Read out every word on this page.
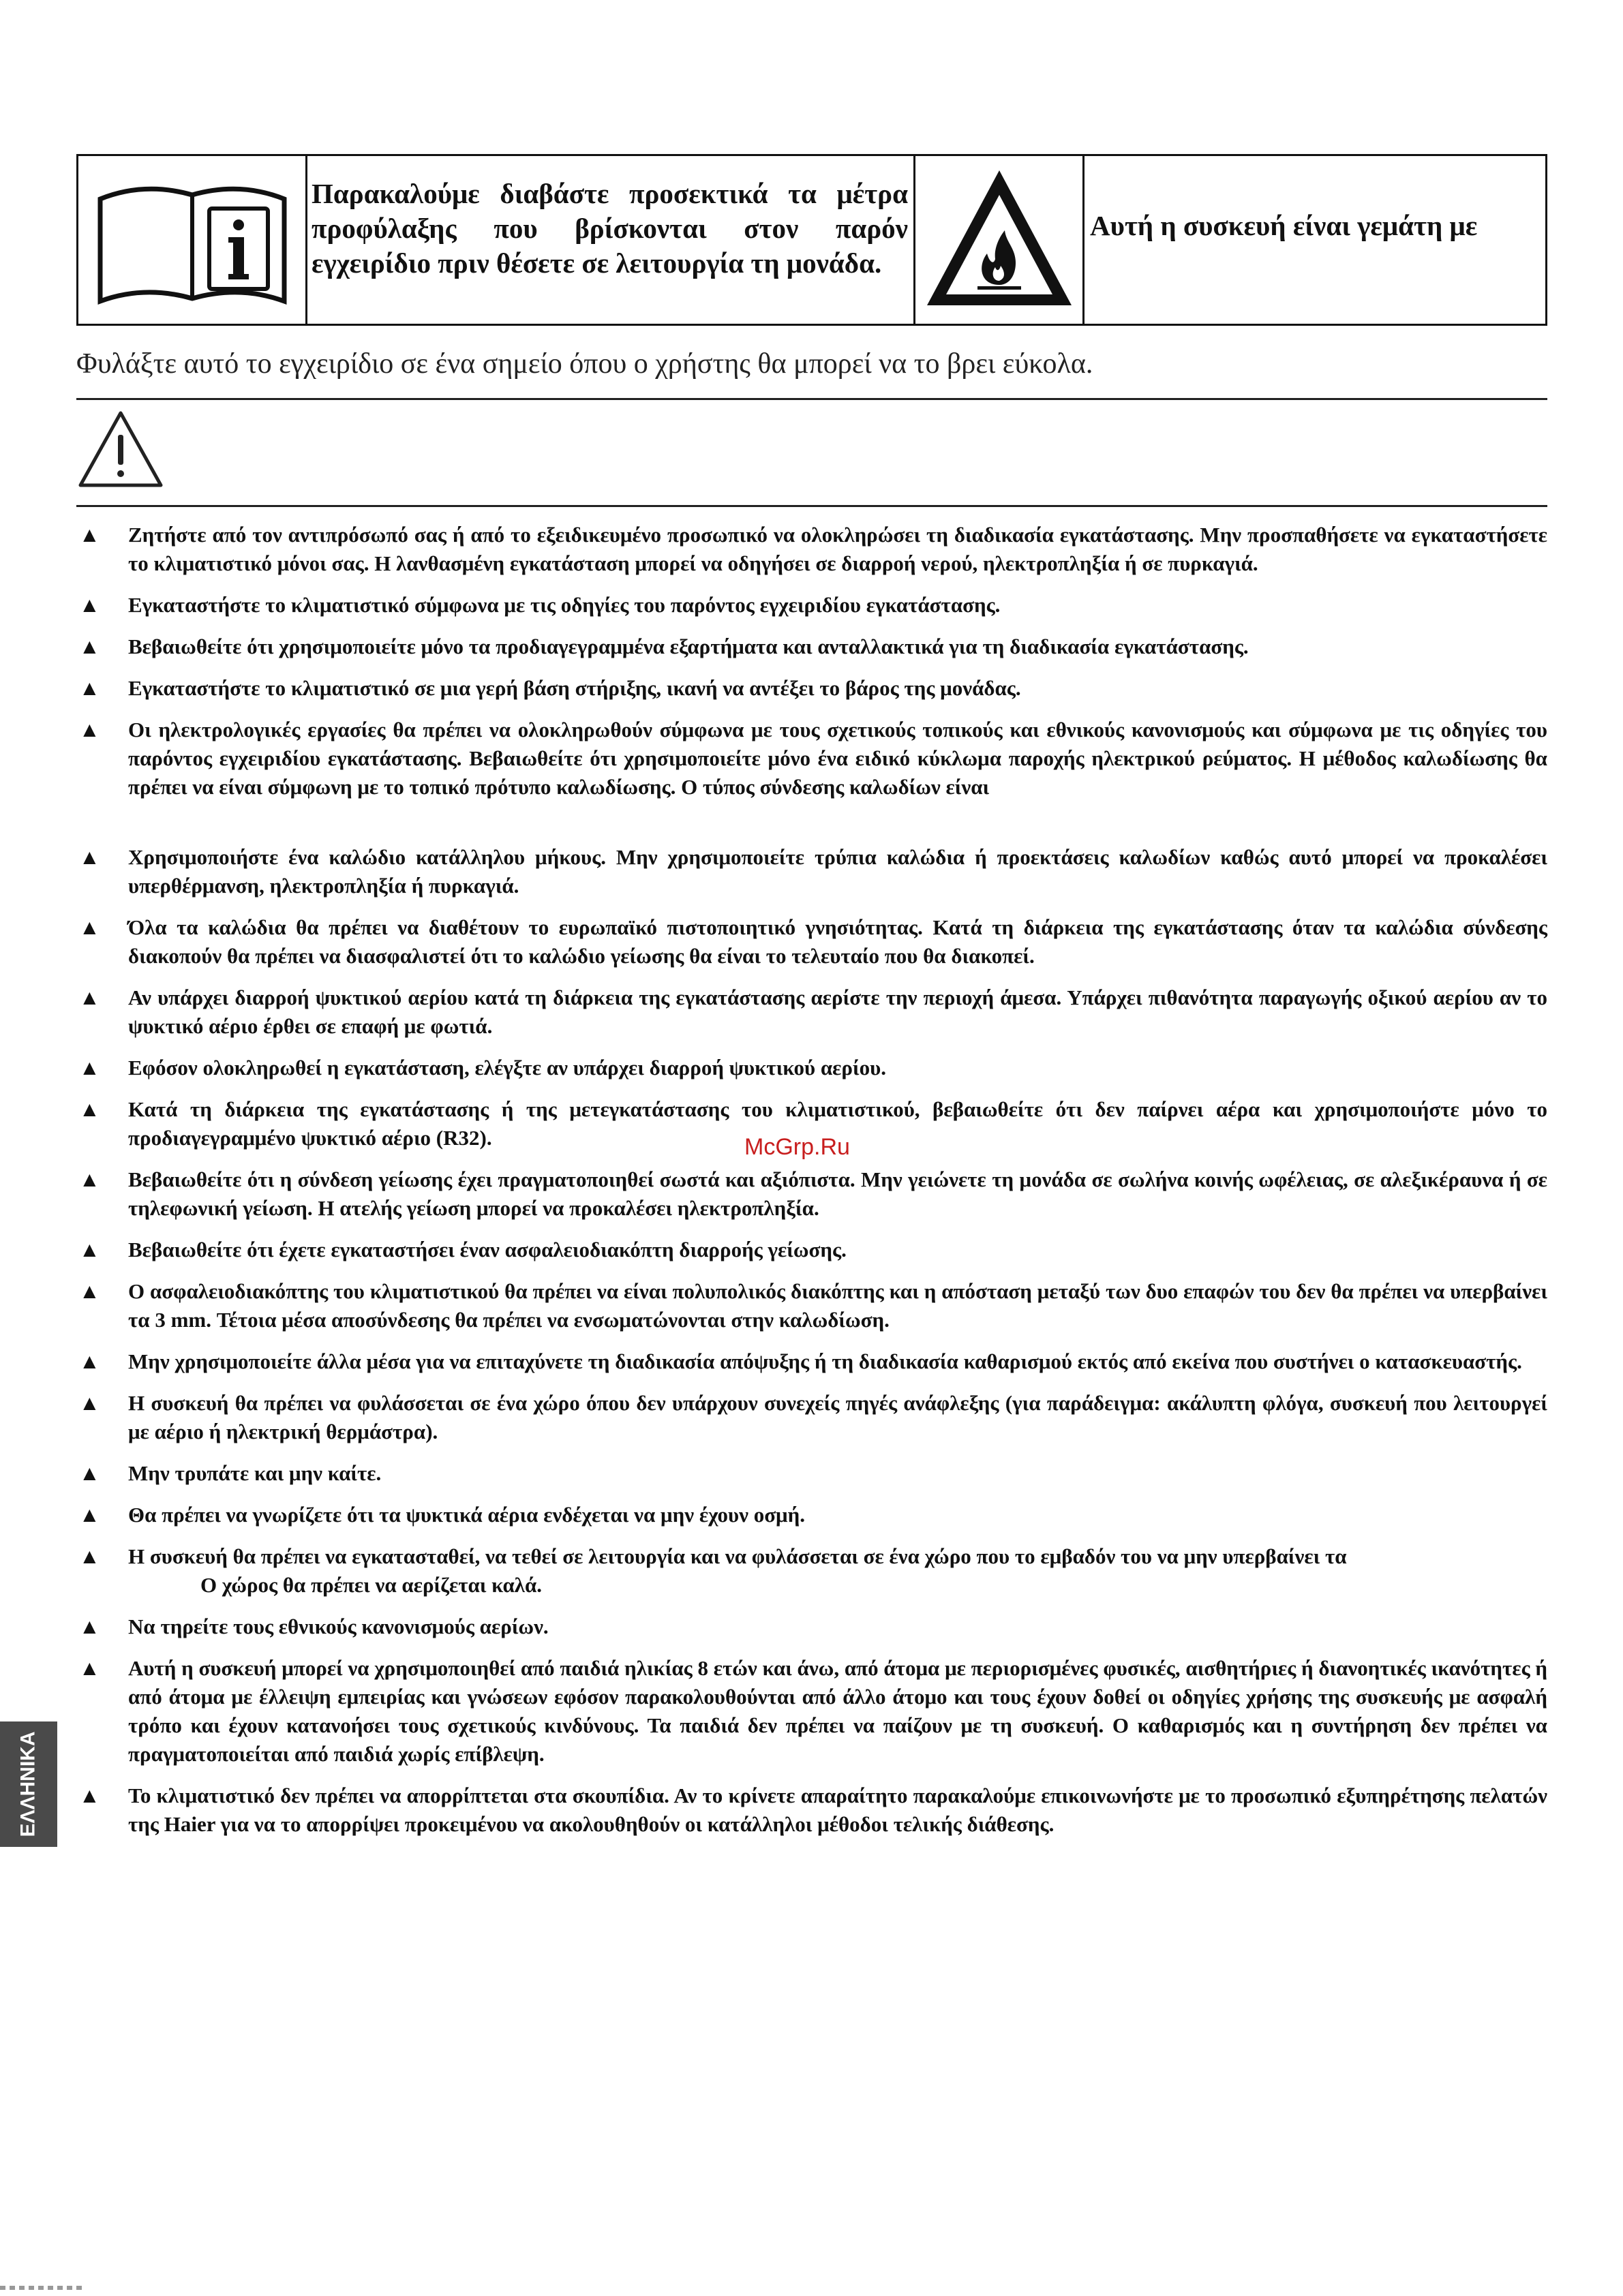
Παρακαλούμε διαβάστε προσεκτικά τα μέτρα προφύλαξης που βρίσκονται στον παρόν εγχειρίδιο πριν θέσετε σε λειτουργία τη μονάδα.

Αυτή η συσκευή είναι γεμάτη με

Φυλάξτε αυτό το εγχειρίδιο σε ένα σημείο όπου ο χρήστης θα μπορεί να το βρει εύκολα.
▲ Ζητήστε από τον αντιπρόσωπό σας ή από το εξειδικευμένο προσωπικό να ολοκληρώσει τη διαδικασία εγκατάστασης. Μην προσπαθήσετε να εγκαταστήσετε το κλιματιστικό μόνοι σας. Η λανθασμένη εγκατάσταση μπορεί να οδηγήσει σε διαρροή νερού, ηλεκτροπληξία ή σε πυρκαγιά.
▲ Εγκαταστήστε το κλιματιστικό σύμφωνα με τις οδηγίες του παρόντος εγχειριδίου εγκατάστασης.
▲ Βεβαιωθείτε ότι χρησιμοποιείτε μόνο τα προδιαγεγραμμένα εξαρτήματα και ανταλλακτικά για τη διαδικασία εγκατάστασης.
▲ Εγκαταστήστε το κλιματιστικό σε μια γερή βάση στήριξης, ικανή να αντέξει το βάρος της μονάδας.
▲ Οι ηλεκτρολογικές εργασίες θα πρέπει να ολοκληρωθούν σύμφωνα με τους σχετικούς τοπικούς και εθνικούς κανονισμούς και σύμφωνα με τις οδηγίες του παρόντος εγχειριδίου εγκατάστασης. Βεβαιωθείτε ότι χρησιμοποιείτε μόνο ένα ειδικό κύκλωμα παροχής ηλεκτρικού ρεύματος. Η μέθοδος καλωδίωσης θα πρέπει να είναι σύμφωνη με το τοπικό πρότυπο καλωδίωσης. Ο τύπος σύνδεσης καλωδίων είναι
▲ Χρησιμοποιήστε ένα καλώδιο κατάλληλου μήκους. Μην χρησιμοποιείτε τρύπια καλώδια ή προεκτάσεις καλωδίων καθώς αυτό μπορεί να προκαλέσει υπερθέρμανση, ηλεκτροπληξία ή πυρκαγιά.
▲ Όλα τα καλώδια θα πρέπει να διαθέτουν το ευρωπαϊκό πιστοποιητικό γνησιότητας. Κατά τη διάρκεια της εγκατάστασης όταν τα καλώδια σύνδεσης διακοπούν θα πρέπει να διασφαλιστεί ότι το καλώδιο γείωσης θα είναι το τελευταίο που θα διακοπεί.
▲ Αν υπάρχει διαρροή ψυκτικού αερίου κατά τη διάρκεια της εγκατάστασης αερίστε την περιοχή άμεσα. Υπάρχει πιθανότητα παραγωγής οξικού αερίου αν το ψυκτικό αέριο έρθει σε επαφή με φωτιά.
▲ Εφόσον ολοκληρωθεί η εγκατάσταση, ελέγξτε αν υπάρχει διαρροή ψυκτικού αερίου.
▲ Κατά τη διάρκεια της εγκατάστασης ή της μετεγκατάστασης του κλιματιστικού, βεβαιωθείτε ότι δεν παίρνει αέρα και χρησιμοποιήστε μόνο το προδιαγεγραμμένο ψυκτικό αέριο (R32).
▲ Βεβαιωθείτε ότι η σύνδεση γείωσης έχει πραγματοποιηθεί σωστά και αξιόπιστα. Μην γειώνετε τη μονάδα σε σωλήνα κοινής ωφέλειας, σε αλεξικέραυνα ή σε τηλεφωνική γείωση. Η ατελής γείωση μπορεί να προκαλέσει ηλεκτροπληξία.
▲ Βεβαιωθείτε ότι έχετε εγκαταστήσει έναν ασφαλειοδιακόπτη διαρροής γείωσης.
▲ Ο ασφαλειοδιακόπτης του κλιματιστικού θα πρέπει να είναι πολυπολικός διακόπτης και η απόσταση μεταξύ των δυο επαφών του δεν θα πρέπει να υπερβαίνει τα 3 mm. Τέτοια μέσα αποσύνδεσης θα πρέπει να ενσωματώνονται στην καλωδίωση.
▲ Μην χρησιμοποιείτε άλλα μέσα για να επιταχύνετε τη διαδικασία απόψυξης ή τη διαδικασία καθαρισμού εκτός από εκείνα που συστήνει ο κατασκευαστής.
▲ Η συσκευή θα πρέπει να φυλάσσεται σε ένα χώρο όπου δεν υπάρχουν συνεχείς πηγές ανάφλεξης (για παράδειγμα: ακάλυπτη φλόγα, συσκευή που λειτουργεί με αέριο ή ηλεκτρική θερμάστρα).
▲ Μην τρυπάτε και μην καίτε.
▲ Θα πρέπει να γνωρίζετε ότι τα ψυκτικά αέρια ενδέχεται να μην έχουν οσμή.
▲ Η συσκευή θα πρέπει να εγκατασταθεί, να τεθεί σε λειτουργία και να φυλάσσεται σε ένα χώρο που το εμβαδόν του να μην υπερβαίνει τα
Ο χώρος θα πρέπει να αερίζεται καλά.
▲ Να τηρείτε τους εθνικούς κανονισμούς αερίων.
▲ Αυτή η συσκευή μπορεί να χρησιμοποιηθεί από παιδιά ηλικίας 8 ετών και άνω, από άτομα με περιορισμένες φυσικές, αισθητήριες ή διανοητικές ικανότητες ή από άτομα με έλλειψη εμπειρίας και γνώσεων εφόσον παρακολουθούνται από άλλο άτομο και τους έχουν δοθεί οι οδηγίες χρήσης της συσκευής με ασφαλή τρόπο και έχουν κατανοήσει τους σχετικούς κινδύνους. Τα παιδιά δεν πρέπει να παίζουν με τη συσκευή. Ο καθαρισμός και η συντήρηση δεν πρέπει να πραγματοποιείται από παιδιά χωρίς επίβλεψη.
▲ Το κλιματιστικό δεν πρέπει να απορρίπτεται στα σκουπίδια. Αν το κρίνετε απαραίτητο παρακαλούμε επικοινωνήστε με το προσωπικό εξυπηρέτησης πελατών της Haier για να το απορρίψει προκειμένου να ακολουθηθούν οι κατάλληλοι μέθοδοι τελικής διάθεσης.
McGrp.Ru
ΕΛΛΗΝΙΚΑ
